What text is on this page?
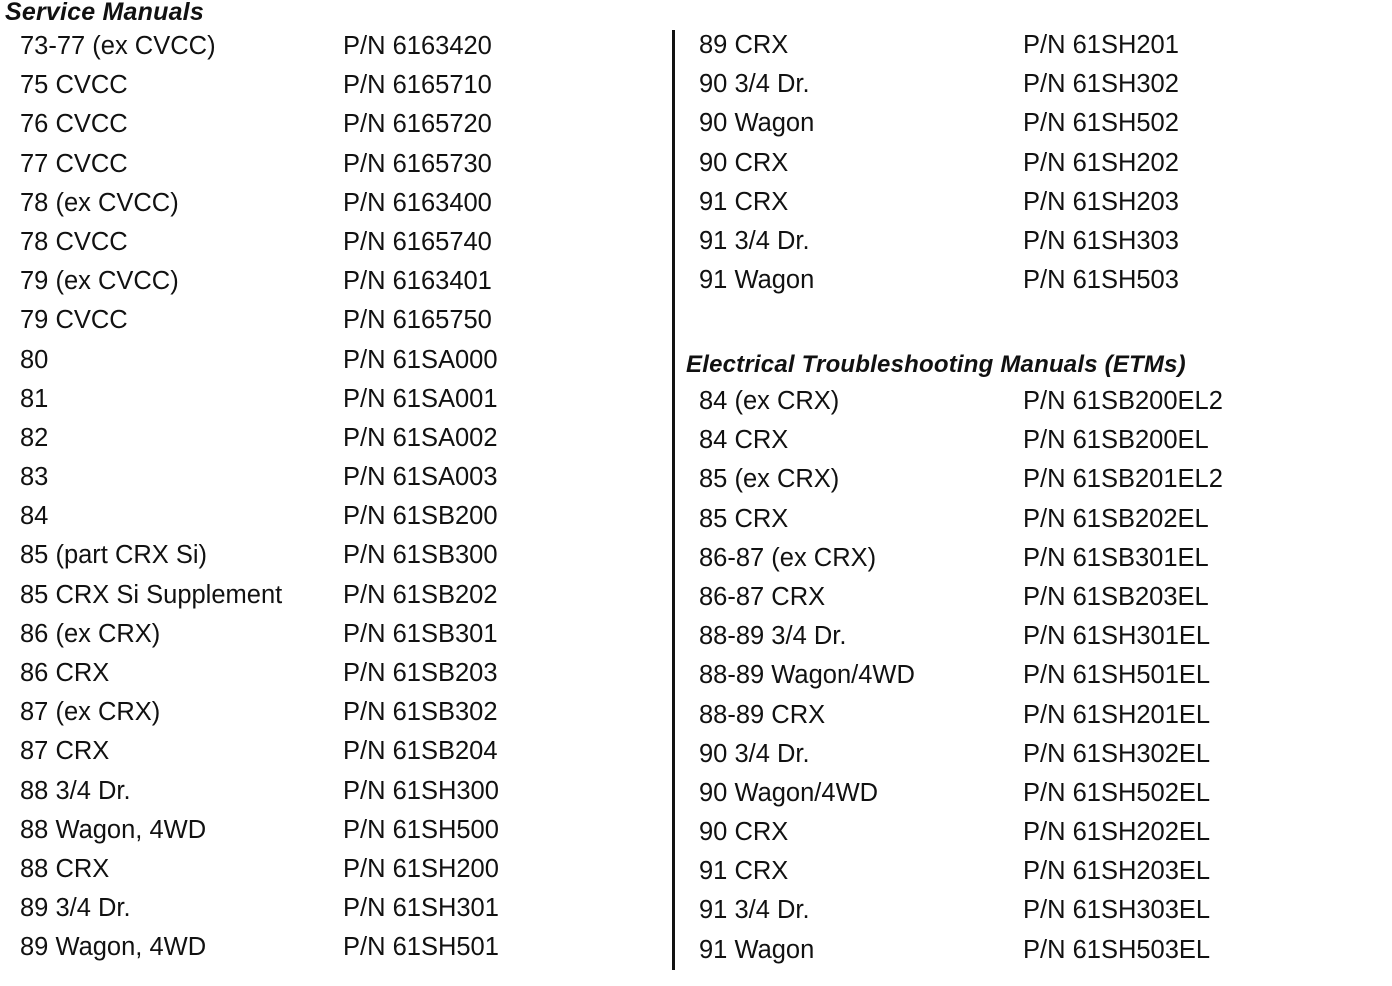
Service Manuals
73-77 (ex CVCC)	P/N 6163420
75 CVCC	P/N 6165710
76 CVCC	P/N 6165720
77 CVCC	P/N 6165730
78 (ex CVCC)	P/N 6163400
78 CVCC	P/N 6165740
79 (ex CVCC)	P/N 6163401
79 CVCC	P/N 6165750
80	P/N 61SA000
81	P/N 61SA001
82	P/N 61SA002
83	P/N 61SA003
84	P/N 61SB200
85 (part CRX Si)	P/N 61SB300
85 CRX Si Supplement P/N 61SB202
86 (ex CRX)	P/N 61SB301
86 CRX	P/N 61SB203
87 (ex CRX)	P/N 61SB302
87 CRX	P/N 61SB204
88 3/4 Dr.	P/N 61SH300
88 Wagon, 4WD	P/N 61SH500
88 CRX	P/N 61SH200
89 3/4 Dr.	P/N 61SH301
89 Wagon, 4WD	P/N 61SH501
89 CRX	P/N 61SH201
90 3/4 Dr.	P/N 61SH302
90 Wagon	P/N 61SH502
90 CRX	P/N 61SH202
91 CRX	P/N 61SH203
91 3/4 Dr.	P/N 61SH303
91 Wagon	P/N 61SH503
Electrical Troubleshooting Manuals (ETMs)
84 (ex CRX)	P/N 61SB200EL2
84 CRX	P/N 61SB200EL
85 (ex CRX)	P/N 61SB201EL2
85 CRX	P/N 61SB202EL
86-87 (ex CRX)	P/N 61SB301EL
86-87 CRX	P/N 61SB203EL
88-89 3/4 Dr.	P/N 61SH301EL
88-89 Wagon/4WD	P/N 61SH501EL
88-89 CRX	P/N 61SH201EL
90 3/4 Dr.	P/N 61SH302EL
90 Wagon/4WD	P/N 61SH502EL
90 CRX	P/N 61SH202EL
91 CRX	P/N 61SH203EL
91 3/4 Dr.	P/N 61SH303EL
91 Wagon	P/N 61SH503EL
